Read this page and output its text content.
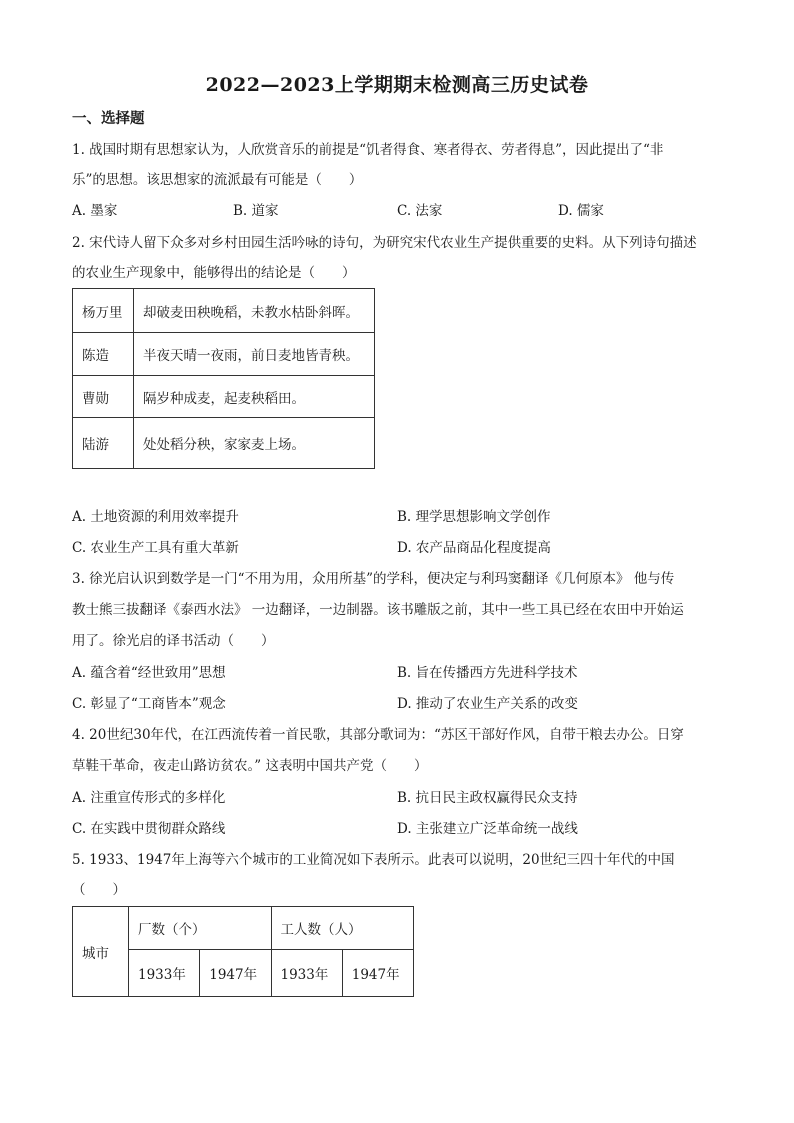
2022—2023上学期期末检测高三历史试卷
一、选择题
1. 战国时期有思想家认为，人欣赏音乐的前提是“饥者得食、寒者得衣、劳者得息”，因此提出了“非
乐”的思想。该思想家的流派最有可能是（　　）
A. 墨家	B. 道家	C. 法家	D. 儒家
2. 宋代诗人留下众多对乡村田园生活吟咏的诗句，为研究宋代农业生产提供重要的史料。从下列诗句描述
的农业生产现象中，能够得出的结论是（　　）
杨万里	却破麦田秧晚稻，未教水枯卧斜晖。
陈造	半夜天晴一夜雨，前日麦地皆青秧。
曹勋	隔岁种成麦，起麦秧稻田。
陆游	处处稻分秧，家家麦上场。
A. 土地资源的利用效率提升	B. 理学思想影响文学创作
C. 农业生产工具有重大革新	D. 农产品商品化程度提高
3. 徐光启认识到数学是一门“不用为用，众用所基”的学科，便决定与利玛窦翻译《几何原本》 他与传
教士熊三拔翻译《泰西水法》 一边翻译，一边制器。该书雕版之前，其中一些工具已经在农田中开始运
用了。徐光启的译书活动（　　）
A. 蕴含着“经世致用”思想	B. 旨在传播西方先进科学技术
C. 彰显了“工商皆本”观念	D. 推动了农业生产关系的改变
4. 20世纪30年代，在江西流传着一首民歌，其部分歌词为：“苏区干部好作风，自带干粮去办公。日穿
草鞋干革命，夜走山路访贫农。” 这表明中国共产党（　　）
A. 注重宣传形式的多样化	B. 抗日民主政权赢得民众支持
C. 在实践中贯彻群众路线	D. 主张建立广泛革命统一战线
5. 1933、1947年上海等六个城市的工业简况如下表所示。此表可以说明，20世纪三四十年代的中国
（　　）
城市	厂数（个）		工人数（人）	
	1933年	1947年	1933年	1947年
